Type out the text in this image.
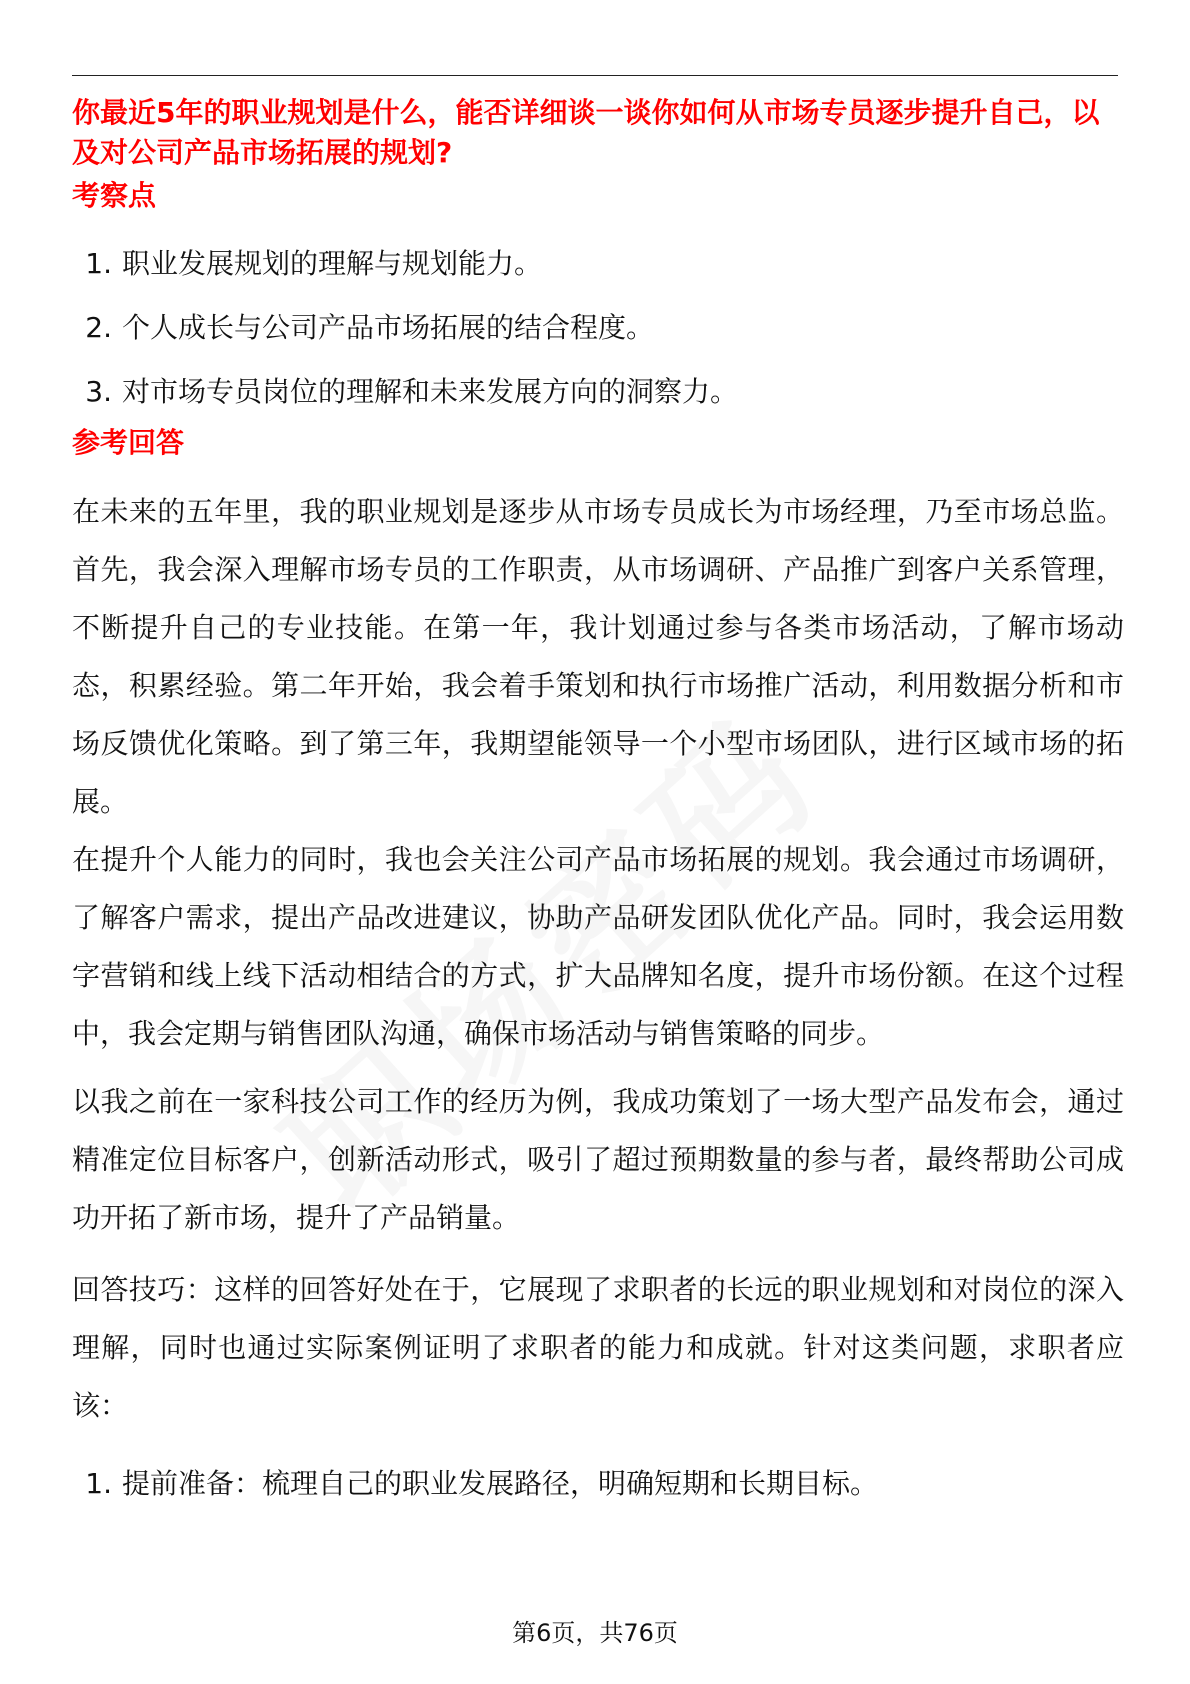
你最近5年的职业规划是什么，能否详细谈一谈你如何从市场专员逐步提升自己，以及对公司产品市场拓展的规划?

考察点

1. 职业发展规划的理解与规划能力。
2. 个人成长与公司产品市场拓展的结合程度。
3. 对市场专员岗位的理解和未来发展方向的洞察力。

参考回答

在未来的五年里，我的职业规划是逐步从市场专员成长为市场经理，乃至市场总监。首先，我会深入理解市场专员的工作职责，从市场调研、产品推广到客户关系管理，不断提升自己的专业技能。在第一年，我计划通过参与各类市场活动，了解市场动态，积累经验。第二年开始，我会着手策划和执行市场推广活动，利用数据分析和市场反馈优化策略。到了第三年，我期望能领导一个小型市场团队，进行区域市场的拓展。

在提升个人能力的同时，我也会关注公司产品市场拓展的规划。我会通过市场调研，了解客户需求，提出产品改进建议，协助产品研发团队优化产品。同时，我会运用数字营销和线上线下活动相结合的方式，扩大品牌知名度，提升市场份额。在这个过程中，我会定期与销售团队沟通，确保市场活动与销售策略的同步。

以我之前在一家科技公司工作的经历为例，我成功策划了一场大型产品发布会，通过精准定位目标客户，创新活动形式，吸引了超过预期数量的参与者，最终帮助公司成功开拓了新市场，提升了产品销量。

回答技巧：这样的回答好处在于，它展现了求职者的长远的职业规划和对岗位的深入理解，同时也通过实际案例证明了求职者的能力和成就。针对这类问题，求职者应该：

1. 提前准备：梳理自己的职业发展路径，明确短期和长期目标。
第6页，共76页
